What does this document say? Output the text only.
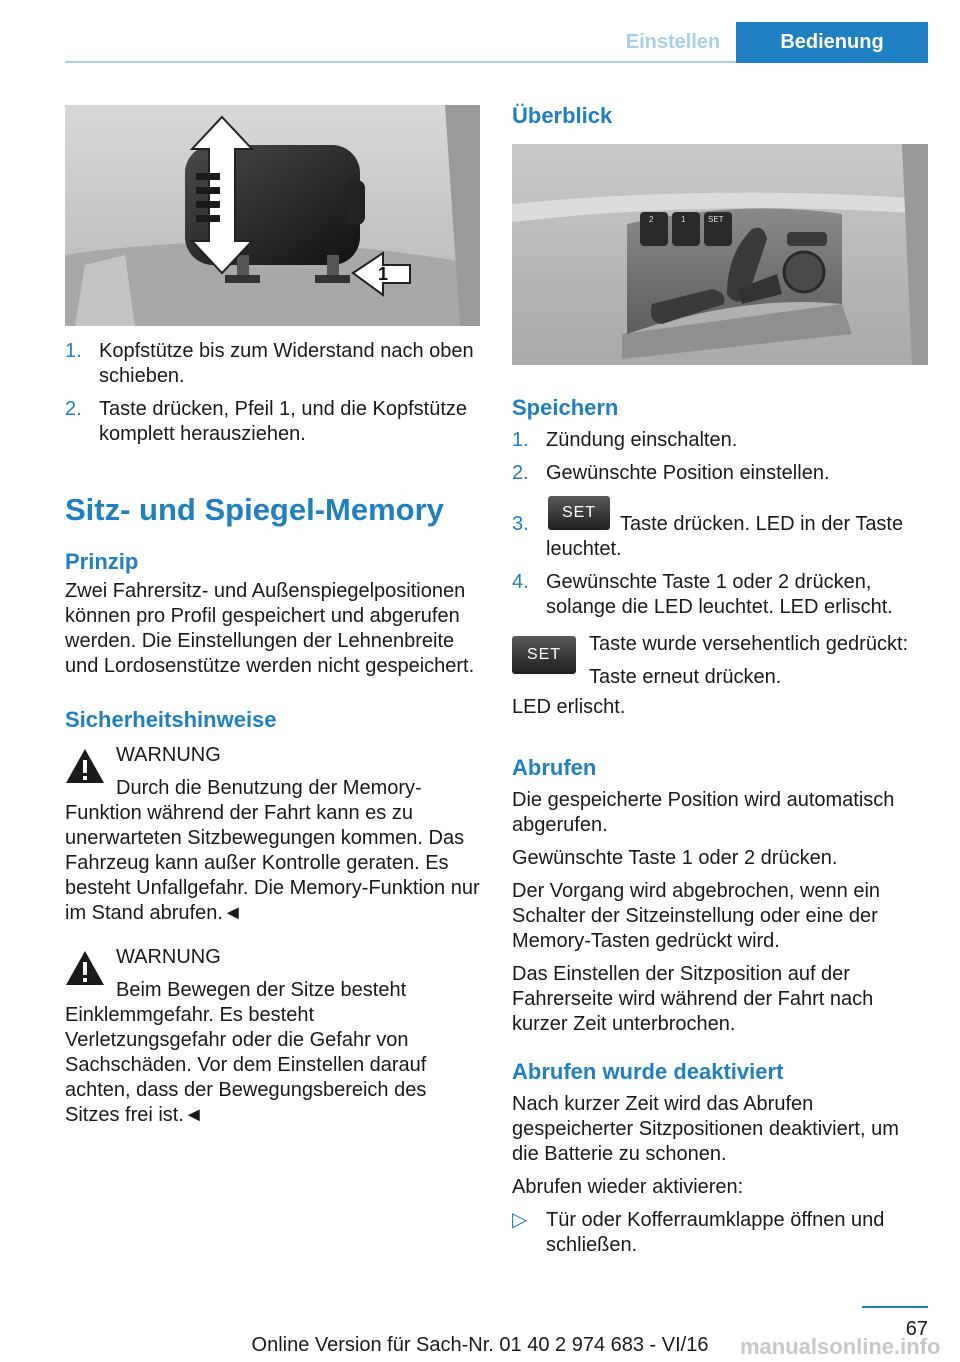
Einstellen	Bedienung
1
1. Kopfstütze bis zum Widerstand nach oben schieben.
2. Taste drücken, Pfeil 1, und die Kopfstütze komplett herausziehen.
Sitz- und Spiegel-Memory
Prinzip
Zwei Fahrersitz- und Außenspiegelpositionen können pro Profil gespeichert und abgerufen werden. Die Einstellungen der Lehnenbreite und Lordosenstütze werden nicht gespeichert.
Sicherheitshinweise
WARNUNG
Durch die Benutzung der Memory-Funktion während der Fahrt kann es zu unerwarteten Sitzbewegungen kommen. Das Fahrzeug kann außer Kontrolle geraten. Es besteht Unfallgefahr. Die Memory-Funktion nur im Stand abrufen.◄
WARNUNG
Beim Bewegen der Sitze besteht Einklemmgefahr. Es besteht Verletzungsgefahr oder die Gefahr von Sachschäden. Vor dem Einstellen darauf achten, dass der Bewegungsbereich des Sitzes frei ist.◄
Überblick
2	1	SET
Speichern
1. Zündung einschalten.
2. Gewünschte Position einstellen.
3.
SET
Taste drücken. LED in der Taste leuchtet.
4. Gewünschte Taste 1 oder 2 drücken, solange die LED leuchtet. LED erlischt.
SET	Taste wurde versehentlich gedrückt:
Taste erneut drücken.
LED erlischt.
Abrufen
Die gespeicherte Position wird automatisch abgerufen.
Gewünschte Taste 1 oder 2 drücken.
Der Vorgang wird abgebrochen, wenn ein Schalter der Sitzeinstellung oder eine der Memory-Tasten gedrückt wird.
Das Einstellen der Sitzposition auf der Fahrerseite wird während der Fahrt nach kurzer Zeit unterbrochen.
Abrufen wurde deaktiviert
Nach kurzer Zeit wird das Abrufen gespeicherter Sitzpositionen deaktiviert, um die Batterie zu schonen.
Abrufen wieder aktivieren:
▷ Tür oder Kofferraumklappe öffnen und schließen.
67
Online Version für Sach-Nr. 01 40 2 974 683 - VI/16	manualsonline.info
